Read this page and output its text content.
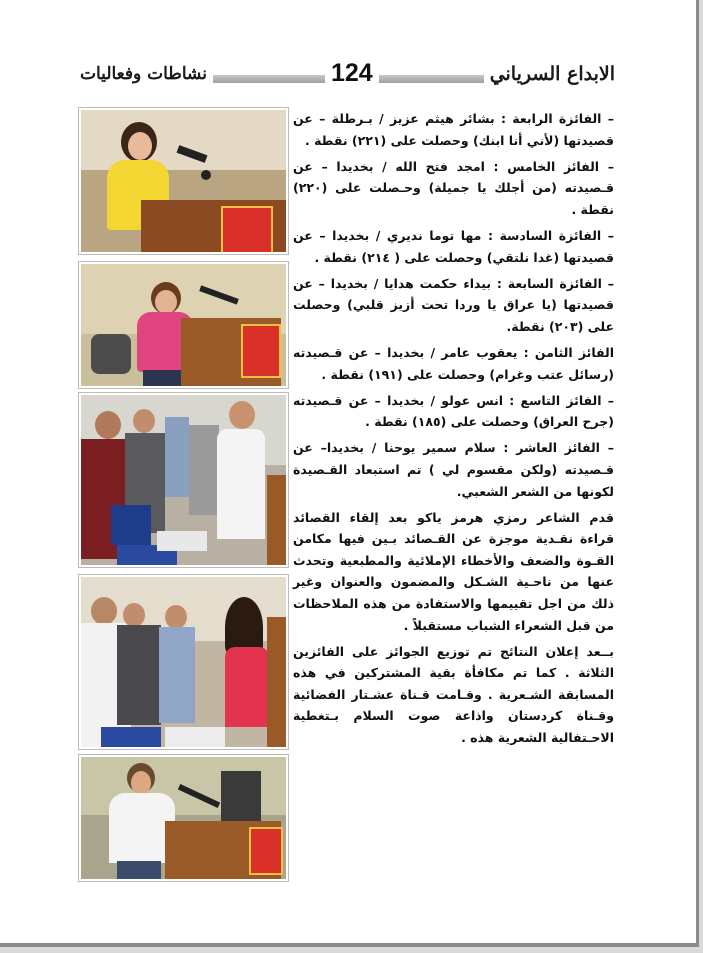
نشاطات وفعاليات	124	الابداع السرياني

– الفائزة الرابعة : بشائر هيثم عزيز / بـرطلة – عن قصيدتها (لأني أنا ابنك) وحصلت على (٢٢١) نقطة .

– الفائز الخامس : امجد فتح الله / بخديدا – عن قـصيدته (من أجلك يا جميلة) وحـصلت على (٢٢٠) نقطة .

– الفائزة السادسة : مها توما نديري / بخديدا – عن قصيدتها (غدا نلتقي) وحصلت على ( ٢١٤) نقطة .

– الفائزة السابعة : بيداء حكمت هدايا / بخديدا – عن قصيدتها (يا عراق يا وردا تحت أزيز قلبي) وحصلت على (٢٠٣) نقطة.

الفائز الثامن : يعقوب عامر / بخديدا – عن قـصيدته (رسائل عتب وغرام) وحصلت على (١٩١) نقطة .

– الفائز التاسع : انس عولو / بخديدا – عن قـصيدته (جرح العراق) وحصلت على (١٨٥) نقطة .

– الفائز العاشر : سلام سمير يوحنا / بخديدا– عن قـصيدته (ولكن مقسوم لي ) تم استبعاد القـصيدة لكونها من الشعر الشعبي.

قدم الشاعر رمزي هرمز ياكو بعد إلقاء القصائد قراءة نقـدية موجزة عن القـصائد بـين فيها مكامن القـوة والضعف والأخطاء الإملائية والمطبعية وتحدث عنها من ناحـية الشـكل والمضمون والعنوان وغير ذلك من اجل تقييمها والاستفادة من هذه الملاحظات من قبل الشعراء الشباب مستقبلاً .

بــعد إعلان النتائج تم توزيع الجوائز على الفائزين الثلاثة . كما تم مكافأة بقية المشتركين في هذه المسابقة الشـعرية . وقـامت قـناة عشـتار الفضائية وقـناة كردستان واذاعة صوت السلام بـتغطية الاحـتفالية الشعرية هذه .
